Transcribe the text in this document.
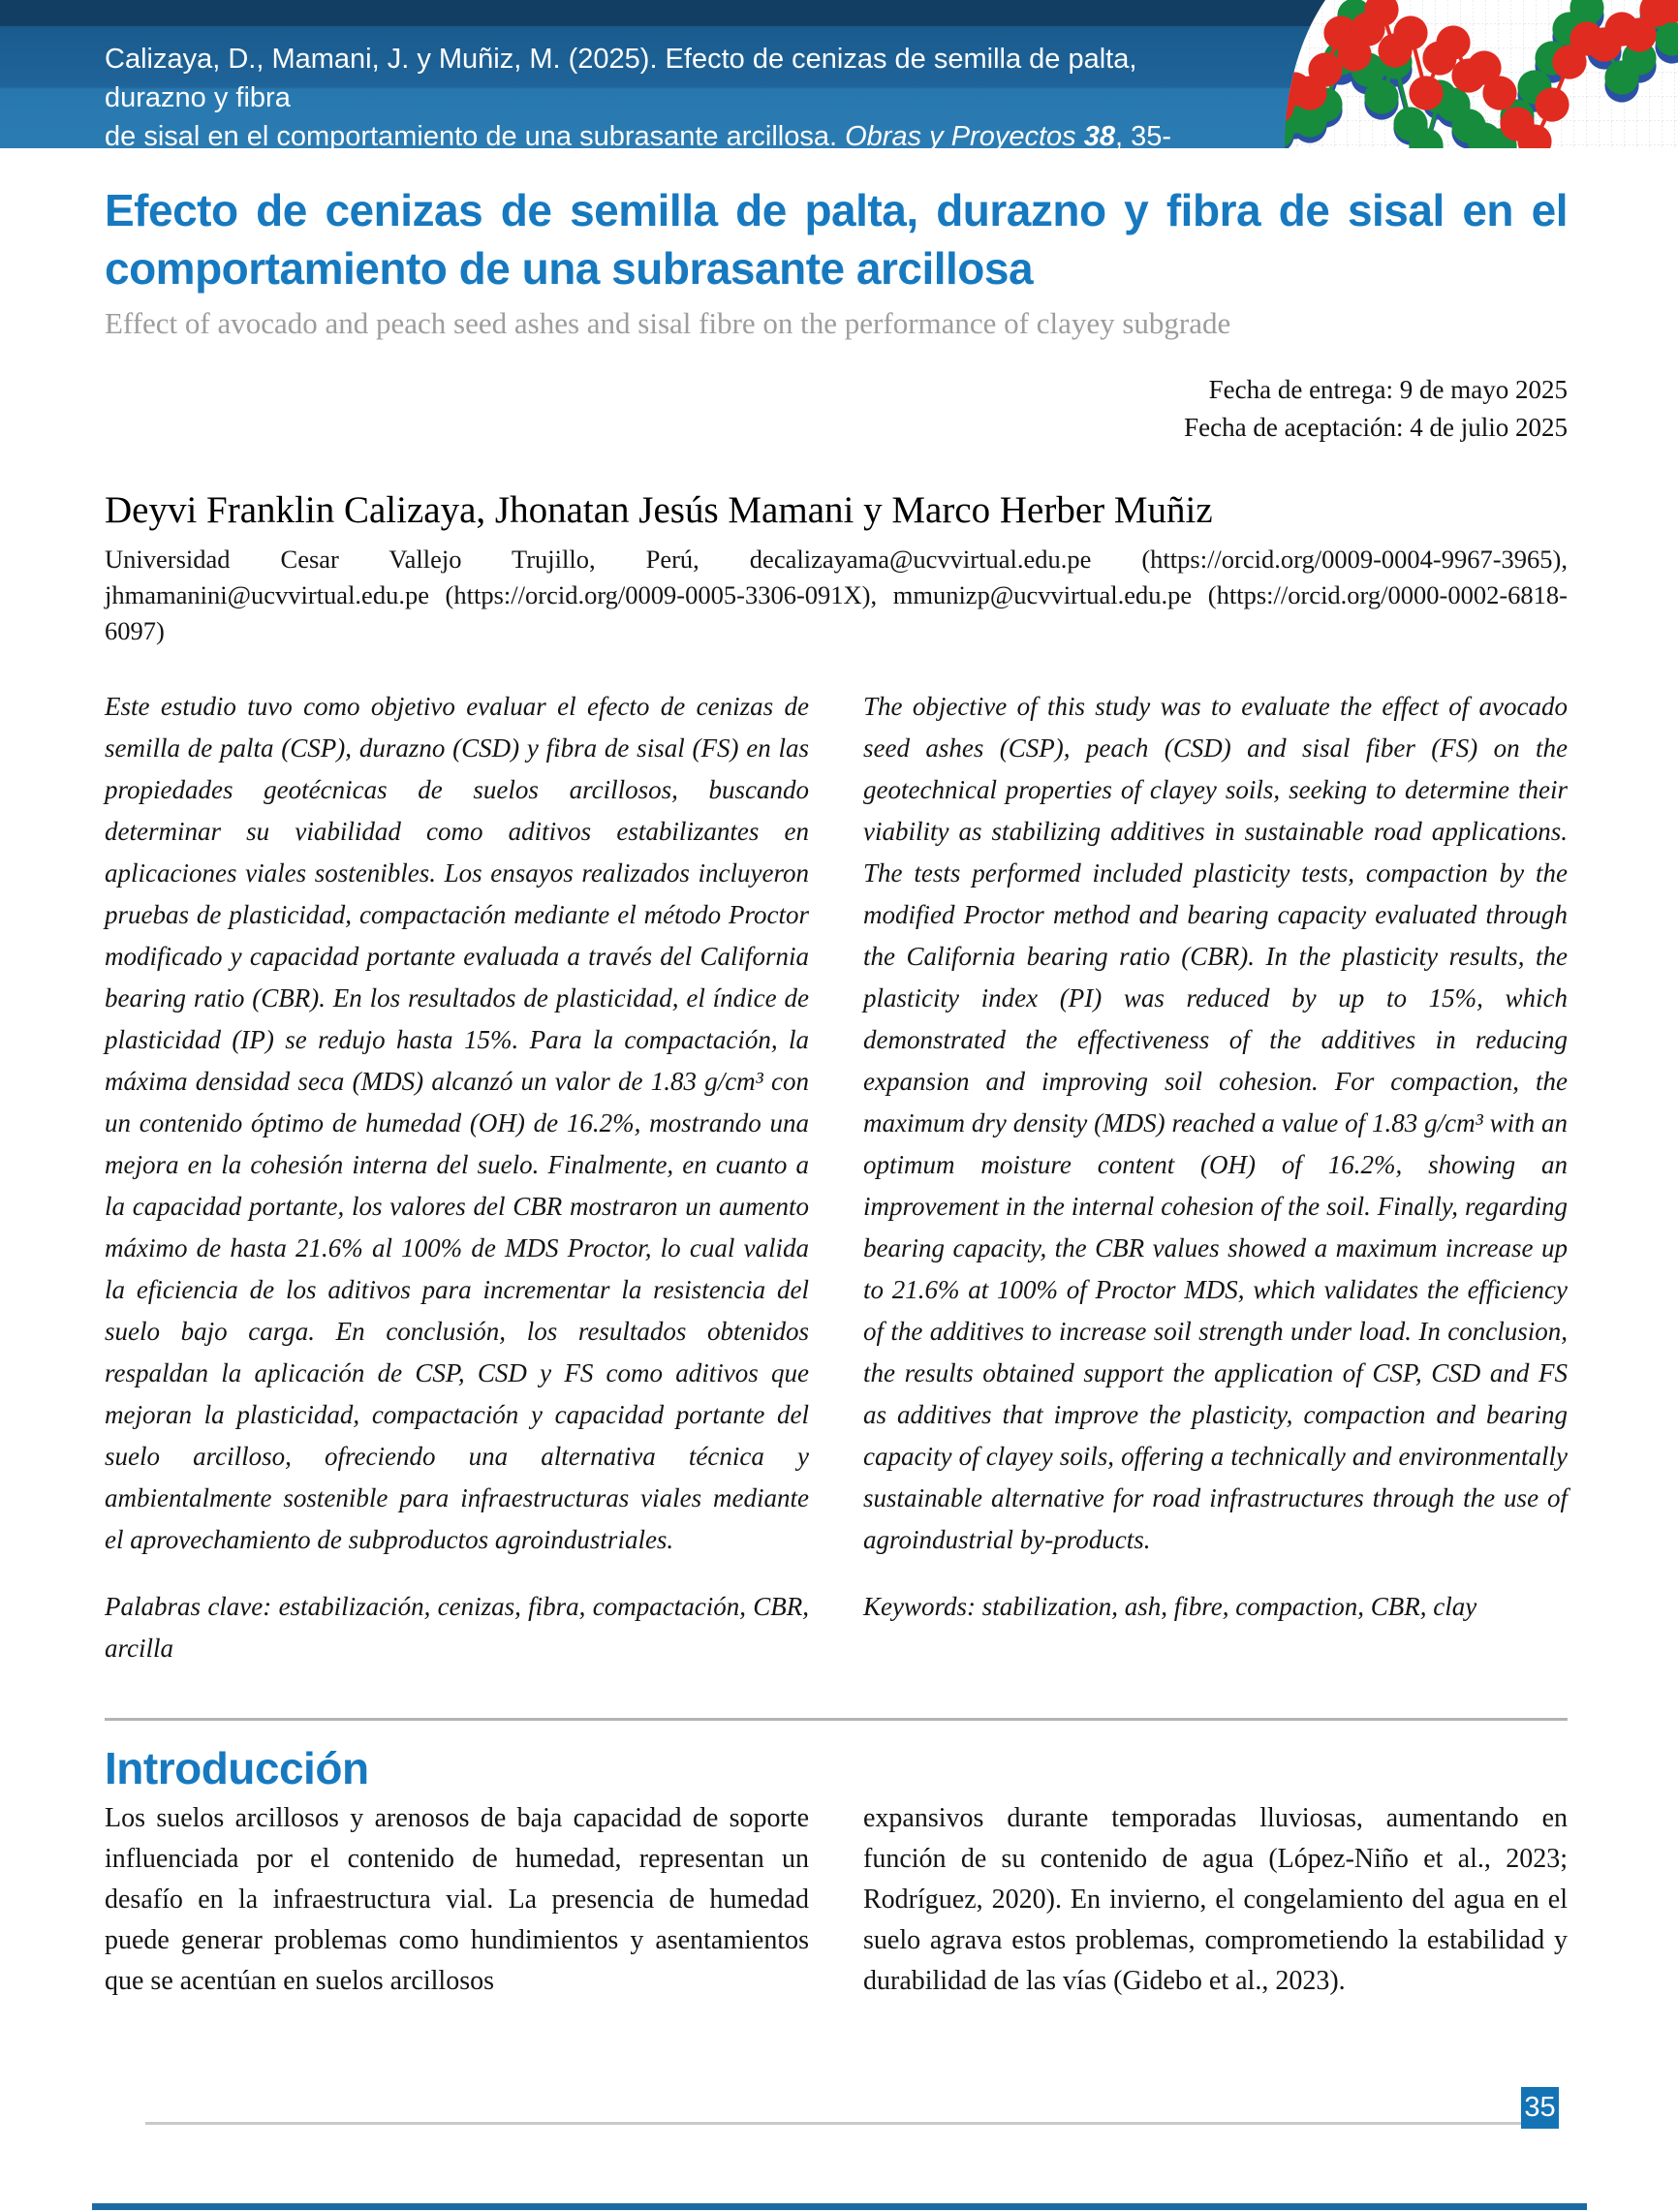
Calizaya, D., Mamani, J. y Muñiz, M. (2025). Efecto de cenizas de semilla de palta, durazno y fibra
de sisal en el comportamiento de una subrasante arcillosa. Obras y Proyectos 38, 35-46
Efecto de cenizas de semilla de palta, durazno y fibra de sisal en el
comportamiento de una subrasante arcillosa
Effect of avocado and peach seed ashes and sisal fibre on the performance of clayey subgrade
Fecha de entrega: 9 de mayo 2025
Fecha de aceptación: 4 de julio 2025
Deyvi Franklin Calizaya, Jhonatan Jesús Mamani y Marco Herber Muñiz
Universidad Cesar Vallejo Trujillo, Perú, decalizayama@ucvvirtual.edu.pe (https://orcid.org/0009-0004-9967-3965), jhmamanini@ucvvirtual.edu.pe (https://orcid.org/0009-0005-3306-091X), mmunizp@ucvvirtual.edu.pe (https://orcid.org/0000-0002-6818-6097)
Este estudio tuvo como objetivo evaluar el efecto de cenizas de semilla de palta (CSP), durazno (CSD) y fibra de sisal (FS) en las propiedades geotécnicas de suelos arcillosos, buscando determinar su viabilidad como aditivos estabilizantes en aplicaciones viales sostenibles. Los ensayos realizados incluyeron pruebas de plasticidad, compactación mediante el método Proctor modificado y capacidad portante evaluada a través del California bearing ratio (CBR). En los resultados de plasticidad, el índice de plasticidad (IP) se redujo hasta 15%. Para la compactación, la máxima densidad seca (MDS) alcanzó un valor de 1.83 g/cm³ con un contenido óptimo de humedad (OH) de 16.2%, mostrando una mejora en la cohesión interna del suelo. Finalmente, en cuanto a la capacidad portante, los valores del CBR mostraron un aumento máximo de hasta 21.6% al 100% de MDS Proctor, lo cual valida la eficiencia de los aditivos para incrementar la resistencia del suelo bajo carga. En conclusión, los resultados obtenidos respaldan la aplicación de CSP, CSD y FS como aditivos que mejoran la plasticidad, compactación y capacidad portante del suelo arcilloso, ofreciendo una alternativa técnica y ambientalmente sostenible para infraestructuras viales mediante el aprovechamiento de subproductos agroindustriales.
Palabras clave: estabilización, cenizas, fibra, compactación, CBR, arcilla
The objective of this study was to evaluate the effect of avocado seed ashes (CSP), peach (CSD) and sisal fiber (FS) on the geotechnical properties of clayey soils, seeking to determine their viability as stabilizing additives in sustainable road applications. The tests performed included plasticity tests, compaction by the modified Proctor method and bearing capacity evaluated through the California bearing ratio (CBR). In the plasticity results, the plasticity index (PI) was reduced by up to 15%, which demonstrated the effectiveness of the additives in reducing expansion and improving soil cohesion. For compaction, the maximum dry density (MDS) reached a value of 1.83 g/cm³ with an optimum moisture content (OH) of 16.2%, showing an improvement in the internal cohesion of the soil. Finally, regarding bearing capacity, the CBR values showed a maximum increase up to 21.6% at 100% of Proctor MDS, which validates the efficiency of the additives to increase soil strength under load. In conclusion, the results obtained support the application of CSP, CSD and FS as additives that improve the plasticity, compaction and bearing capacity of clayey soils, offering a technically and environmentally sustainable alternative for road infrastructures through the use of agroindustrial by-products.
Keywords: stabilization, ash, fibre, compaction, CBR, clay
Introducción
Los suelos arcillosos y arenosos de baja capacidad de soporte influenciada por el contenido de humedad, representan un desafío en la infraestructura vial. La presencia de humedad puede generar problemas como hundimientos y asentamientos que se acentúan en suelos arcillosos
expansivos durante temporadas lluviosas, aumentando en función de su contenido de agua (López-Niño et al., 2023; Rodríguez, 2020). En invierno, el congelamiento del agua en el suelo agrava estos problemas, comprometiendo la estabilidad y durabilidad de las vías (Gidebo et al., 2023).
35
